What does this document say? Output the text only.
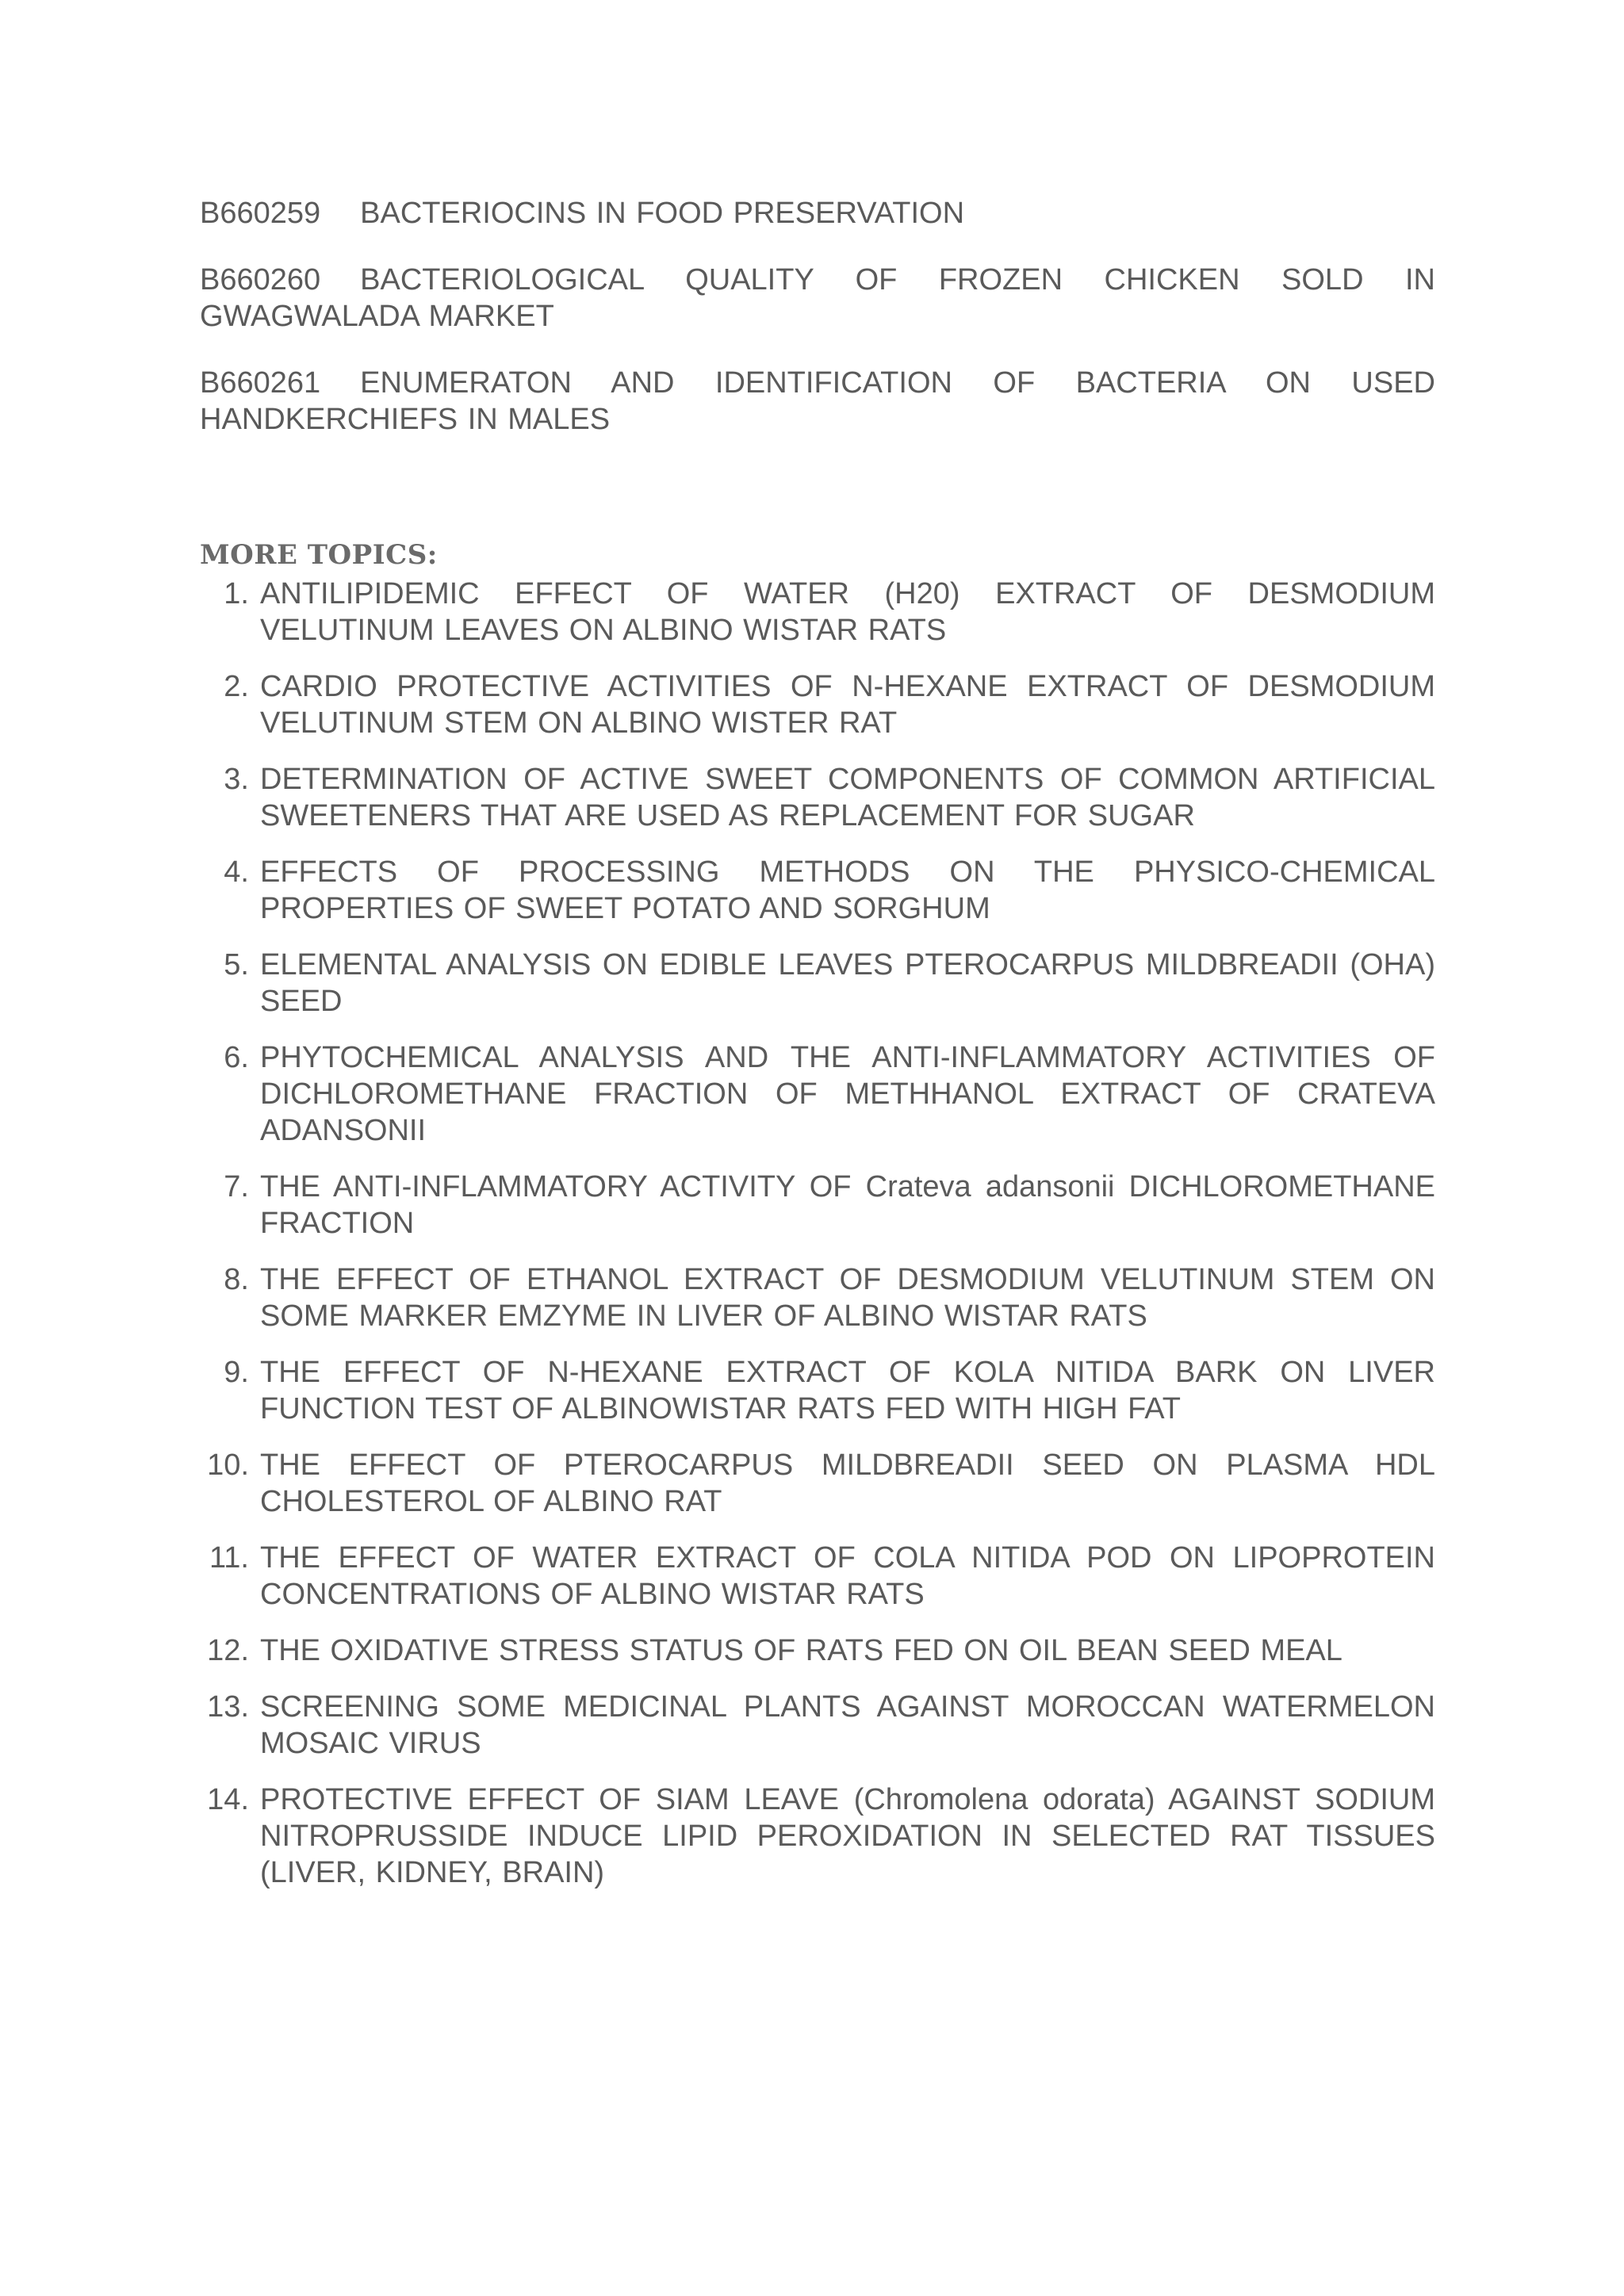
B660259 BACTERIOCINS IN FOOD PRESERVATION

B660260 BACTERIOLOGICAL QUALITY OF FROZEN CHICKEN SOLD IN GWAGWALADA MARKET

B660261 ENUMERATON AND IDENTIFICATION OF BACTERIA ON USED HANDKERCHIEFS IN MALES

MORE TOPICS:
1. ANTILIPIDEMIC EFFECT OF WATER (H20) EXTRACT OF DESMODIUM VELUTINUM LEAVES ON ALBINO WISTAR RATS
2. CARDIO PROTECTIVE ACTIVITIES OF N-HEXANE EXTRACT OF DESMODIUM VELUTINUM STEM ON ALBINO WISTER RAT
3. DETERMINATION OF ACTIVE SWEET COMPONENTS OF COMMON ARTIFICIAL SWEETENERS THAT ARE USED AS REPLACEMENT FOR SUGAR
4. EFFECTS OF PROCESSING METHODS ON THE PHYSICO-CHEMICAL PROPERTIES OF SWEET POTATO AND SORGHUM
5. ELEMENTAL ANALYSIS ON EDIBLE LEAVES PTEROCARPUS MILDBREADII (OHA) SEED
6. PHYTOCHEMICAL ANALYSIS AND THE ANTI-INFLAMMATORY ACTIVITIES OF DICHLOROMETHANE FRACTION OF METHHANOL EXTRACT OF CRATEVA ADANSONII
7. THE ANTI-INFLAMMATORY ACTIVITY OF Crateva adansonii DICHLOROMETHANE FRACTION
8. THE EFFECT OF ETHANOL EXTRACT OF DESMODIUM VELUTINUM STEM ON SOME MARKER EMZYME IN LIVER OF ALBINO WISTAR RATS
9. THE EFFECT OF N-HEXANE EXTRACT OF KOLA NITIDA BARK ON LIVER FUNCTION TEST OF ALBINOWISTAR RATS FED WITH HIGH FAT
10. THE EFFECT OF PTEROCARPUS MILDBREADII SEED ON PLASMA HDL CHOLESTEROL OF ALBINO RAT
11. THE EFFECT OF WATER EXTRACT OF COLA NITIDA POD ON LIPOPROTEIN CONCENTRATIONS OF ALBINO WISTAR RATS
12. THE OXIDATIVE STRESS STATUS OF RATS FED ON OIL BEAN SEED MEAL
13. SCREENING SOME MEDICINAL PLANTS AGAINST MOROCCAN WATERMELON MOSAIC VIRUS
14. PROTECTIVE EFFECT OF SIAM LEAVE (Chromolena odorata) AGAINST SODIUM NITROPRUSSIDE INDUCE LIPID PEROXIDATION IN SELECTED RAT TISSUES (LIVER, KIDNEY, BRAIN)
